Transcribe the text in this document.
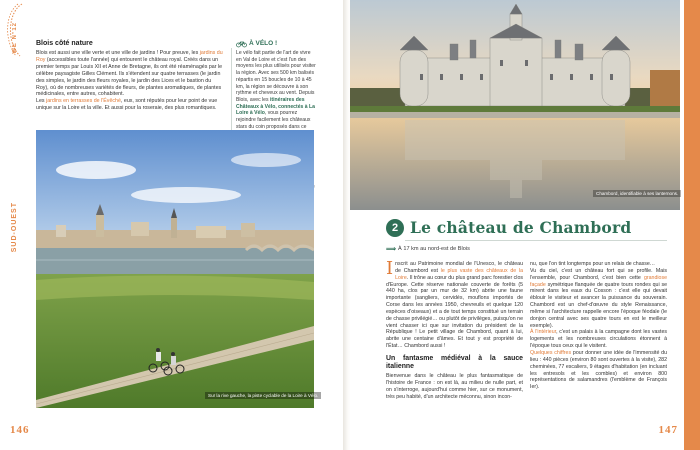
WE N°12
SUD-OUEST
Blois côté nature
Blois est aussi une ville verte et une ville de jardins ! Pour preuve, les jardins du Roy (accessibles toute l'année) qui entourent le château royal. Créés dans un premier temps par Louis XII et Anne de Bretagne, ils ont été réaménagés par le célèbre paysagiste Gilles Clément. Ils s'étendent sur quatre terrasses (le jardin des simples, le jardin des fleurs royales, le jardin des Lices et le bastion du Roy), où de nombreuses variétés de fleurs, de plantes aromatiques, de plantes médicinales, entre autres, cohabitent.
Les jardins en terrasses de l'Évêché, eux, sont réputés pour leur point de vue unique sur la Loire et la ville. Et aussi pour la roseraie, des plus romantiques.
À VÉLO !
Le vélo fait partie de l'art de vivre en Val de Loire et c'est l'un des moyens les plus utilisés pour visiter la région. Avec ses 500 km balisés répartis en 15 boucles de 10 à 45 km, la région se découvre à son rythme et cheveux au vent. Depuis Blois, avec les itinéraires des Châteaux à Vélo, connectés à La Loire à Vélo, vous pourrez rejoindre facilement les châteaux stars du coin proposés dans ce

Sur la rive gauche, la piste cyclable de la Loire à Vélo.
146
Chambord, identifiable à ses lanternons.
2 Le château de Chambord
⟹ À 17 km au nord-est de Blois
Inscrit au Patrimoine mondial de l'Unesco, le château de Chambord est le plus vaste des châteaux de la Loire. Il trône au cœur du plus grand parc forestier clos d'Europe. Cette réserve nationale couverte de forêts (5 440 ha, clos par un mur de 32 km) abrite une faune importante (sangliers, cervidés, mouflons importés de Corse dans les années 1950, chevreuils et quelque 120 espèces d'oiseaux) et a de tout temps constitué un terrain de chasse privilégié… ou plutôt de privilèges, puisqu'on ne vient chasser ici que sur invitation du président de la République ! Le petit village de Chambord, quant à lui, abrite une centaine d'âmes. Et tout y est propriété de l'État… Chambord aussi !
Un fantasme médiéval à la sauce italienne
Bienvenue dans le château le plus fantasmatique de l'histoire de France : on est là, au milieu de nulle part, et on s'interroge, aujourd'hui comme hier, sur ce monument, très peu habité, d'un architecte méconnu, sinon incon-
nu, que l'on tint longtemps pour un relais de chasse…
Vu du ciel, c'est un château fort qui se profile. Mais l'ensemble, pour Chambord, c'est bien cette grandiose façade symétrique flanquée de quatre tours rondes qui se mirent dans les eaux du Cosson : c'est elle qui devait éblouir le visiteur et avancer la puissance du souverain. Chambord est un chef-d'œuvre du style Renaissance, même si l'architecture rappelle encore l'époque féodale (le donjon central avec ses quatre tours en est le meilleur exemple).
À l'intérieur, c'est un palais à la campagne dont les vastes logements et les nombreuses circulations étonnent à l'époque tous ceux qui le visitent.
Quelques chiffres pour donner une idée de l'immensité du lieu : 440 pièces (environ 80 sont ouvertes à la visite), 282 cheminées, 77 escaliers, 9 étages d'habitation (en incluant les entresols et les combles) et environ 800 représentations de salamandres (l'emblème de François Ier).
147
